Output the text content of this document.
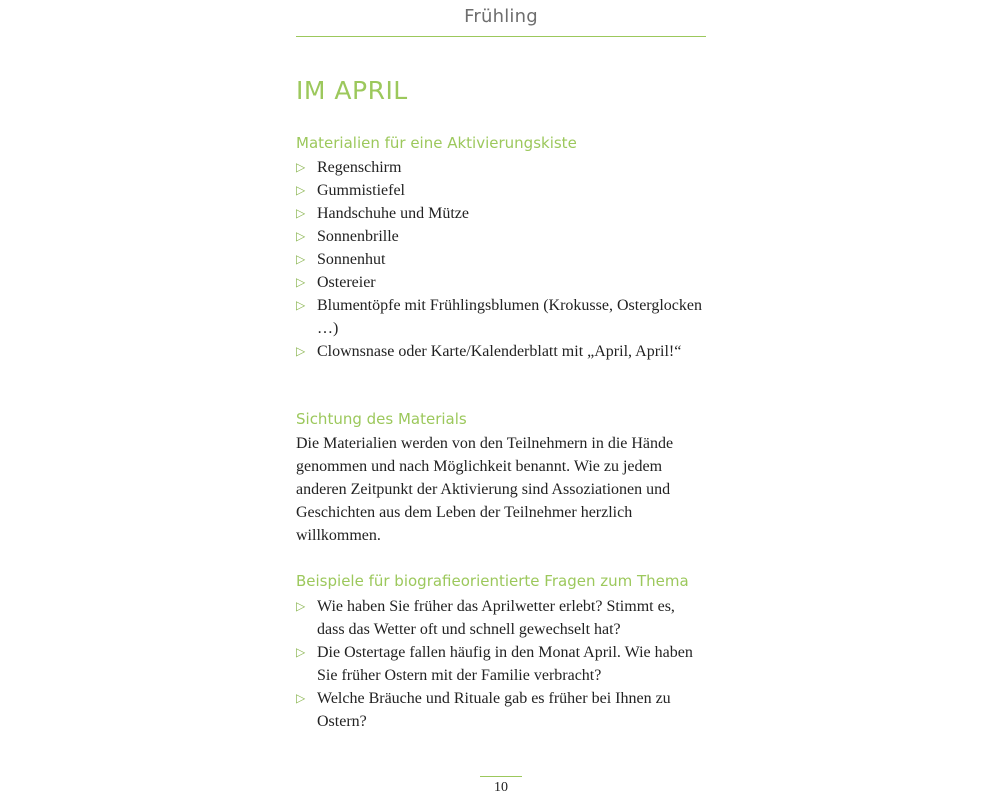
Frühling
IM APRIL
Materialien für eine Aktivierungskiste
▷ Regenschirm
▷ Gummistiefel
▷ Handschuhe und Mütze
▷ Sonnenbrille
▷ Sonnenhut
▷ Ostereier
▷ Blumentöpfe mit Frühlingsblumen (Krokusse, Osterglocken …)
▷ Clownsnase oder Karte/Kalenderblatt mit „April, April!“
Sichtung des Materials

Die Materialien werden von den Teilnehmern in die Hände genommen und nach Möglichkeit benannt. Wie zu jedem anderen Zeitpunkt der Aktivierung sind Assoziationen und Geschichten aus dem Leben der Teilnehmer herzlich willkommen.

Beispiele für biografieorientierte Fragen zum Thema
▷ Wie haben Sie früher das Aprilwetter erlebt? Stimmt es, dass das Wetter oft und schnell gewechselt hat?
▷ Die Ostertage fallen häufig in den Monat April. Wie haben Sie früher Ostern mit der Familie verbracht?
▷ Welche Bräuche und Rituale gab es früher bei Ihnen zu Ostern?
10
